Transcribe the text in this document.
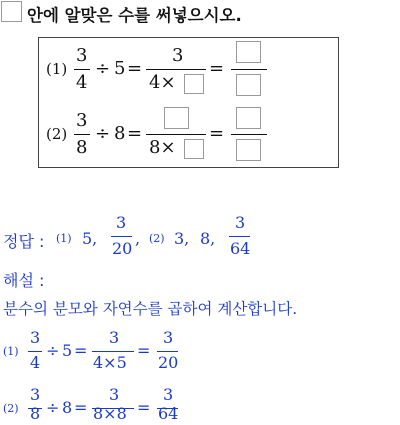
안에 알맞은 수를 써넣으시오.
(1)
3
4
÷ 5 =
3
4×
=
(2)
3
8
÷ 8 =
8×
=
정답 : (1) 5,
3
20
, (2) 3, 8,
3
64
해설 :
분수의 분모와 자연수를 곱하여 계산합니다.
(1)
3
4
÷ 5 =
3
4×5
=
3
20
(2)
3
8 ÷ 8 =
3
8×8 =
3
64
